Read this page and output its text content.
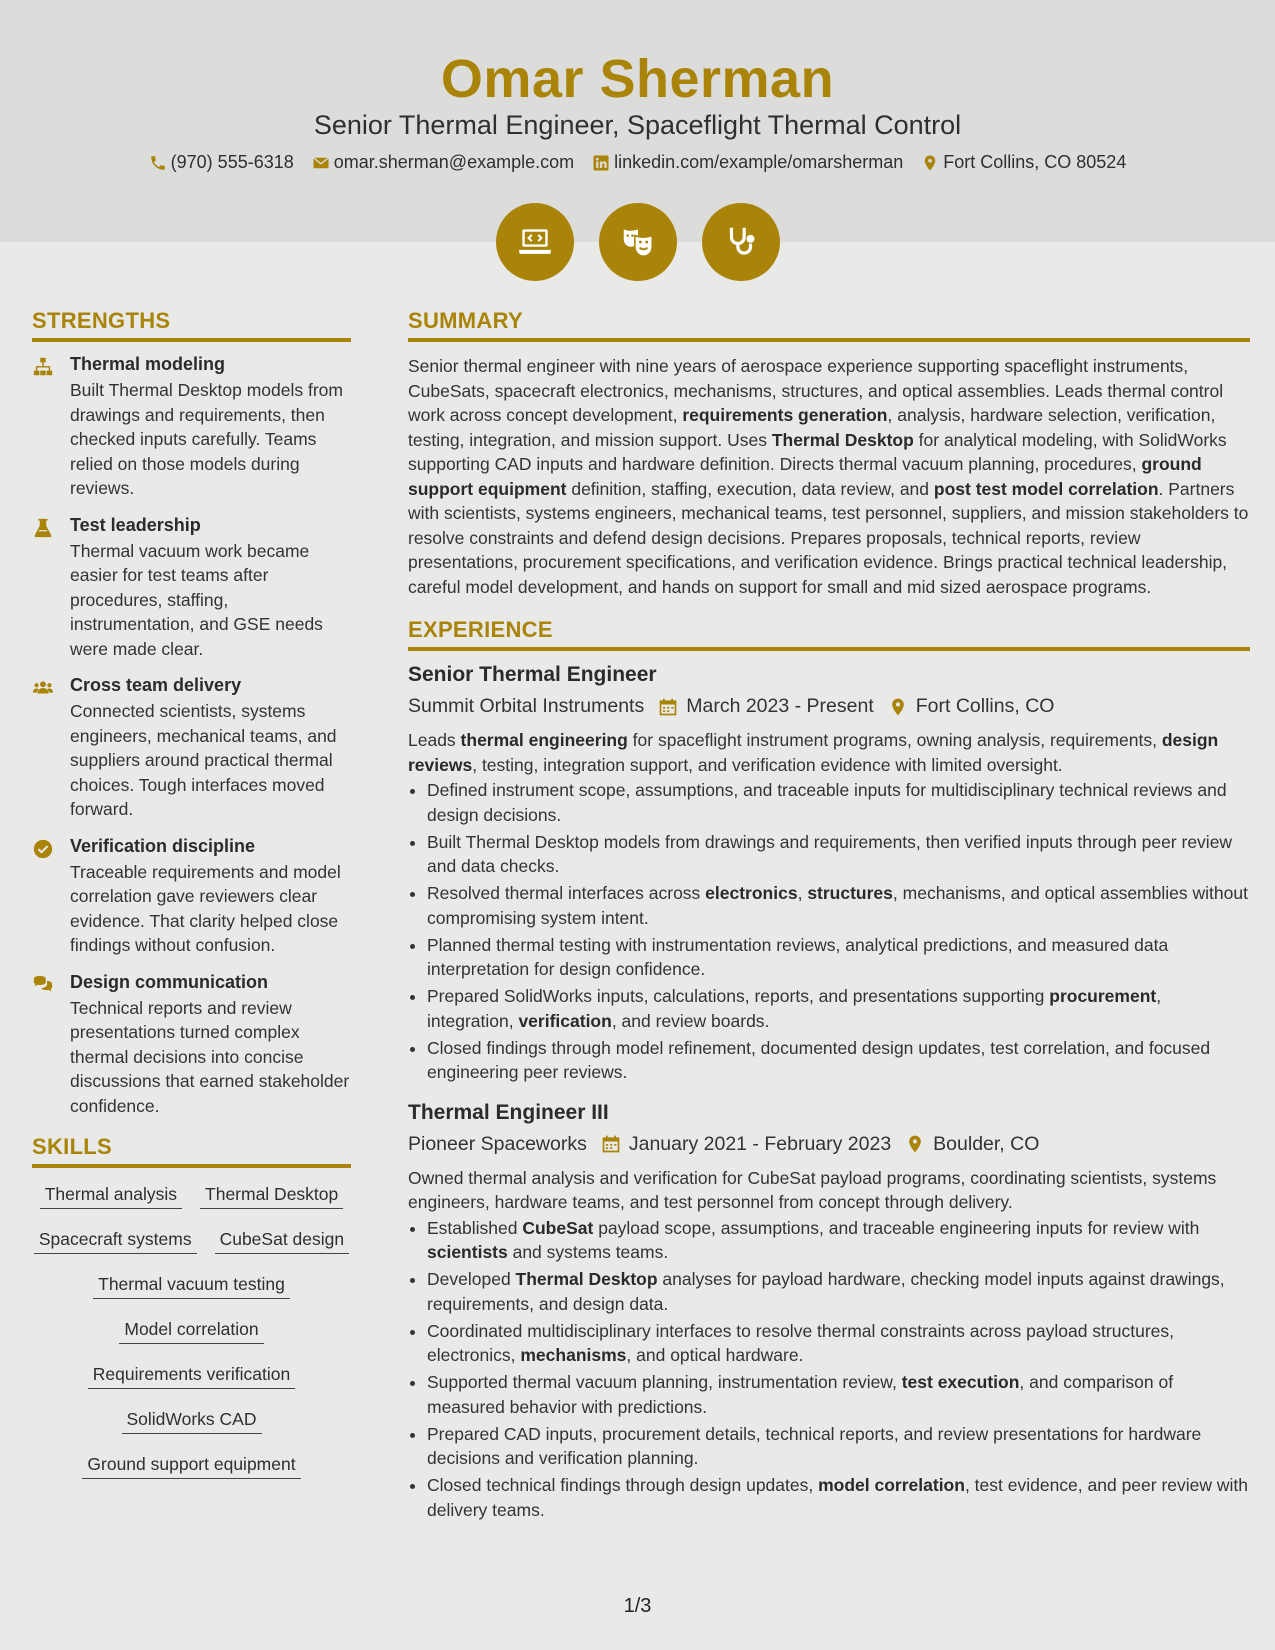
Omar Sherman
Senior Thermal Engineer, Spaceflight Thermal Control
(970) 555-6318 omar.sherman@example.com linkedin.com/example/omarsherman Fort Collins, CO 80524
STRENGTHS
Thermal modeling

Built Thermal Desktop models from drawings and requirements, then checked inputs carefully. Teams relied on those models during reviews.

Test leadership

Thermal vacuum work became easier for test teams after procedures, staffing, instrumentation, and GSE needs were made clear.

Cross team delivery

Connected scientists, systems engineers, mechanical teams, and suppliers around practical thermal choices. Tough interfaces moved forward.

Verification discipline

Traceable requirements and model correlation gave reviewers clear evidence. That clarity helped close findings without confusion.

Design communication

Technical reports and review presentations turned complex thermal decisions into concise discussions that earned stakeholder confidence.

SKILLS
Thermal analysis Thermal Desktop
Spacecraft systems CubeSat design
Thermal vacuum testing
Model correlation
Requirements verification
SolidWorks CAD
Ground support equipment
SUMMARY

Senior thermal engineer with nine years of aerospace experience supporting spaceflight instruments, CubeSats, spacecraft electronics, mechanisms, structures, and optical assemblies. Leads thermal control work across concept development, requirements generation, analysis, hardware selection, verification, testing, integration, and mission support. Uses Thermal Desktop for analytical modeling, with SolidWorks supporting CAD inputs and hardware definition. Directs thermal vacuum planning, procedures, ground support equipment definition, staffing, execution, data review, and post test model correlation. Partners with scientists, systems engineers, mechanical teams, test personnel, suppliers, and mission stakeholders to resolve constraints and defend design decisions. Prepares proposals, technical reports, review presentations, procurement specifications, and verification evidence. Brings practical technical leadership, careful model development, and hands on support for small and mid sized aerospace programs.

EXPERIENCE
Senior Thermal Engineer
Summit Orbital Instruments March 2023 - Present Fort Collins, CO

Leads thermal engineering for spaceflight instrument programs, owning analysis, requirements, design reviews, testing, integration support, and verification evidence with limited oversight.

• Defined instrument scope, assumptions, and traceable inputs for multidisciplinary technical reviews and design decisions.
• Built Thermal Desktop models from drawings and requirements, then verified inputs through peer review and data checks.
• Resolved thermal interfaces across electronics, structures, mechanisms, and optical assemblies without compromising system intent.
• Planned thermal testing with instrumentation reviews, analytical predictions, and measured data interpretation for design confidence.
• Prepared SolidWorks inputs, calculations, reports, and presentations supporting procurement, integration, verification, and review boards.
• Closed findings through model refinement, documented design updates, test correlation, and focused engineering peer reviews.
Thermal Engineer III
Pioneer Spaceworks January 2021 - February 2023 Boulder, CO

Owned thermal analysis and verification for CubeSat payload programs, coordinating scientists, systems engineers, hardware teams, and test personnel from concept through delivery.

• Established CubeSat payload scope, assumptions, and traceable engineering inputs for review with scientists and systems teams.
• Developed Thermal Desktop analyses for payload hardware, checking model inputs against drawings, requirements, and design data.
• Coordinated multidisciplinary interfaces to resolve thermal constraints across payload structures, electronics, mechanisms, and optical hardware.
• Supported thermal vacuum planning, instrumentation review, test execution, and comparison of measured behavior with predictions.
• Prepared CAD inputs, procurement details, technical reports, and review presentations for hardware decisions and verification planning.
• Closed technical findings through design updates, model correlation, test evidence, and peer review with delivery teams.
1/3
